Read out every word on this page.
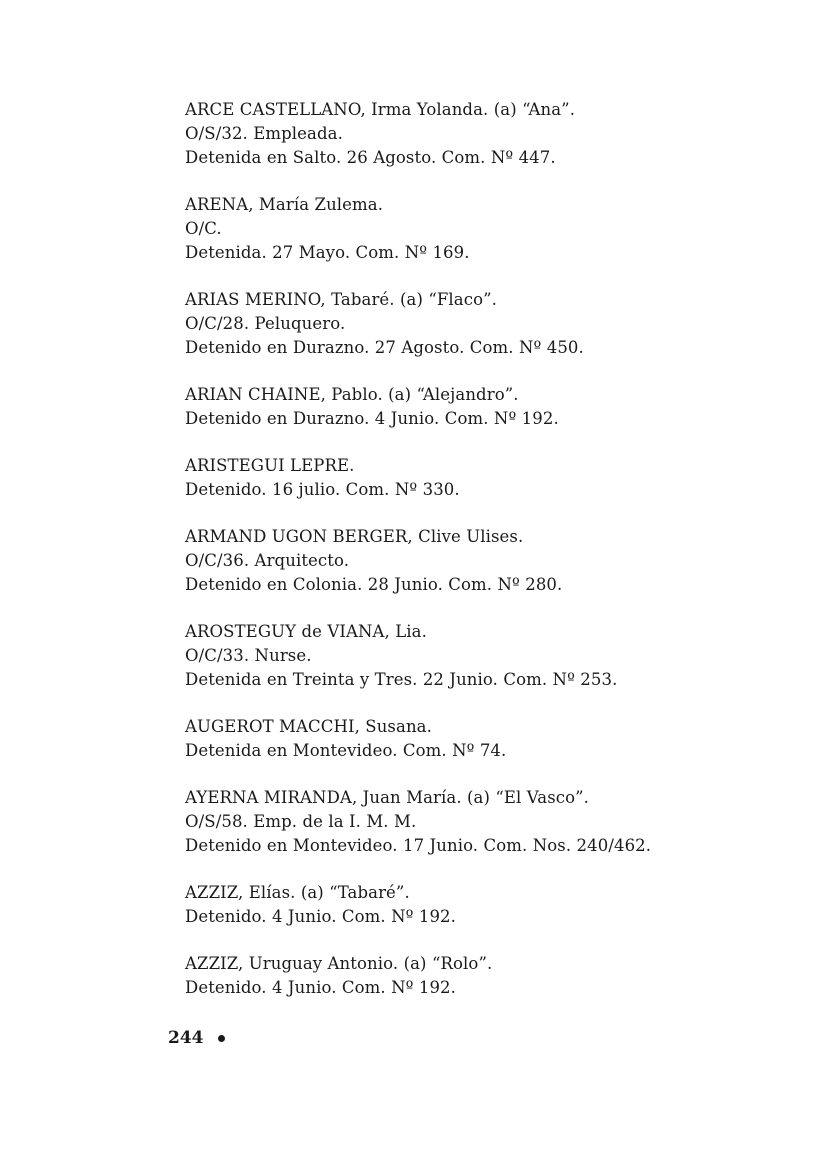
ARCE CASTELLANO, Irma Yolanda. (a) “Ana”.
O/S/32. Empleada.
Detenida en Salto. 26 Agosto. Com. Nº 447.
ARENA, María Zulema.
O/C.
Detenida. 27 Mayo. Com. Nº 169.
ARIAS MERINO, Tabaré. (a) “Flaco”.
O/C/28. Peluquero.
Detenido en Durazno. 27 Agosto. Com. Nº 450.
ARIAN CHAINE, Pablo. (a) “Alejandro”.
Detenido en Durazno. 4 Junio. Com. Nº 192.
ARISTEGUI LEPRE.
Detenido. 16 julio. Com. Nº 330.
ARMAND UGON BERGER, Clive Ulises.
O/C/36. Arquitecto.
Detenido en Colonia. 28 Junio. Com. Nº 280.
AROSTEGUY de VIANA, Lia.
O/C/33. Nurse.
Detenida en Treinta y Tres. 22 Junio. Com. Nº 253.
AUGEROT MACCHI, Susana.
Detenida en Montevideo. Com. Nº 74.
AYERNA MIRANDA, Juan María. (a) “El Vasco”.
O/S/58. Emp. de la I. M. M.
Detenido en Montevideo. 17 Junio. Com. Nos. 240/462.
AZZIZ, Elías. (a) “Tabaré”.
Detenido. 4 Junio. Com. Nº 192.
AZZIZ, Uruguay Antonio. (a) “Rolo”.
Detenido. 4 Junio. Com. Nº 192.
244
